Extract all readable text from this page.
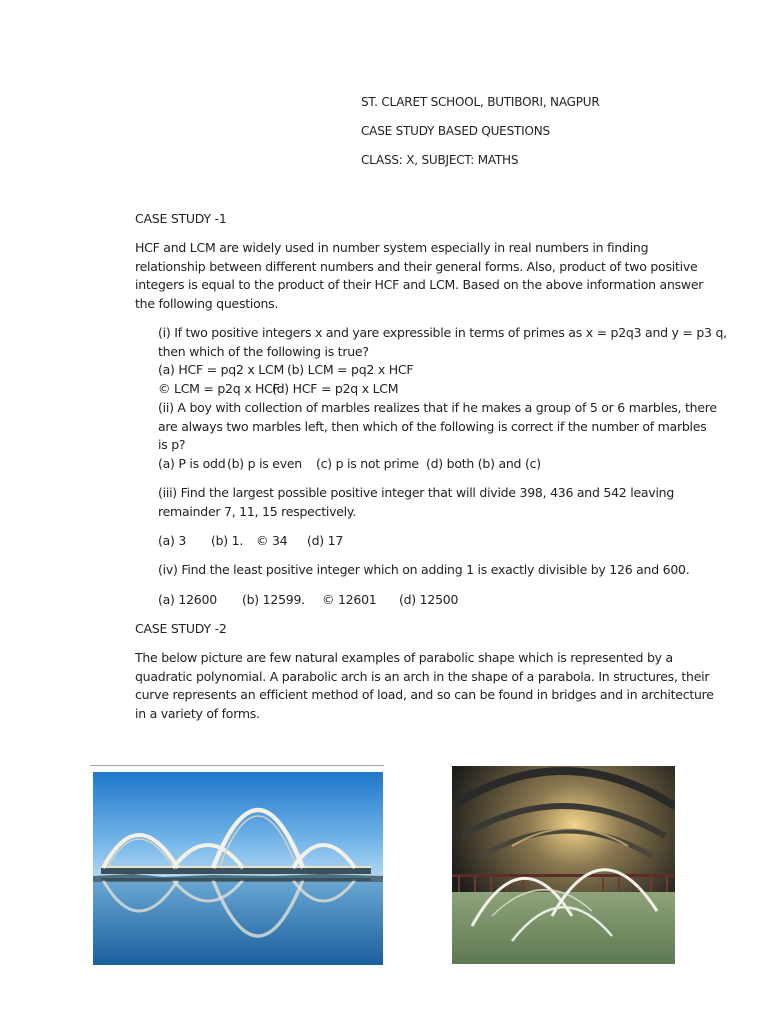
ST. CLARET SCHOOL, BUTIBORI, NAGPUR
CASE STUDY BASED QUESTIONS
CLASS: X, SUBJECT: MATHS
CASE STUDY -1
HCF and LCM are widely used in number system especially in real numbers in finding
relationship between different numbers and their general forms. Also, product of two positive
integers is equal to the product of their HCF and LCM. Based on the above information answer
the following questions.
(i) If two positive integers x and yare expressible in terms of primes as x = p2q3 and y = p3 q,
then which of the following is true?
(a) HCF = pq2 x LCM (b) LCM = pq2 x HCF
© LCM = p2q x HCF
(d) HCF = p2q x LCM
(ii) A boy with collection of marbles realizes that if he makes a group of 5 or 6 marbles, there
are always two marbles left, then which of the following is correct if the number of marbles
is p?
(a) P is odd (b) p is even (c) p is not prime (d) both (b) and (c)
(iii) Find the largest possible positive integer that will divide 398, 436 and 542 leaving
remainder 7, 11, 15 respectively.
(a) 3 (b) 1. © 34 (d) 17
(iv) Find the least positive integer which on adding 1 is exactly divisible by 126 and 600.
(a) 12600 (b) 12599. © 12601 (d) 12500
CASE STUDY -2
The below picture are few natural examples of parabolic shape which is represented by a
quadratic polynomial. A parabolic arch is an arch in the shape of a parabola. In structures, their
curve represents an efficient method of load, and so can be found in bridges and in architecture
in a variety of forms.
